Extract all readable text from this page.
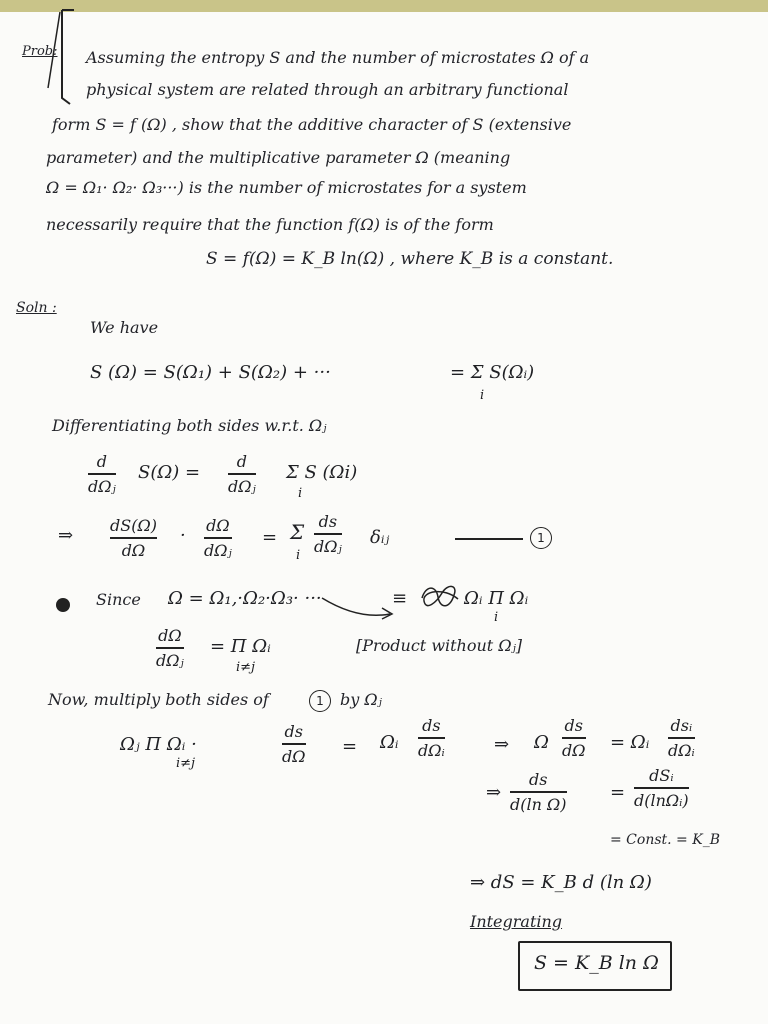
Prob: Assuming the entropy S and the number of microstates Ω of a
physical system are related through an arbitrary functional
form S = f (Ω) , show that the additive character of S (extensive
parameter) and the multiplicative parameter Ω (meaning
Ω = Ω₁· Ω₂· Ω₃···) is the number of microstates for a system
necessarily require that the function f(Ω) is of the form
S = f(Ω) = K_B ln(Ω) , where K_B is a constant.
Soln :
We have
S (Ω) = S(Ω₁) + S(Ω₂) + ···	= Σ S(Ωᵢ)
i
Differentiating both sides w.r.t. Ωⱼ
d
dΩⱼ
S(Ω) =
d
dΩⱼ
Σ S (Ωi)
i
⇒ dS(Ω)
dΩ
· dΩ
dΩⱼ
= Σ
i
ds
dΩⱼ δᵢⱼ	1
Since Ω = Ω₁,·Ω₂·Ω₃· ···	≡	Ωᵢ Π Ωᵢ
i
dΩ
dΩⱼ
= Π Ωᵢ
i≠j
[Product without Ωⱼ]
Now, multiply both sides of	1	by Ωⱼ
Ωⱼ Π Ωᵢ ·
i≠j
ds
dΩ = Ωᵢ
ds
dΩᵢ	⇒ Ω
ds
dΩ = Ωᵢ
dsᵢ
dΩᵢ
⇒
ds
d(ln Ω)
=
dSᵢ
d(lnΩᵢ)
= Const. = K_B
⇒ dS = K_B d (ln Ω)
Integrating
S = K_B ln Ω
